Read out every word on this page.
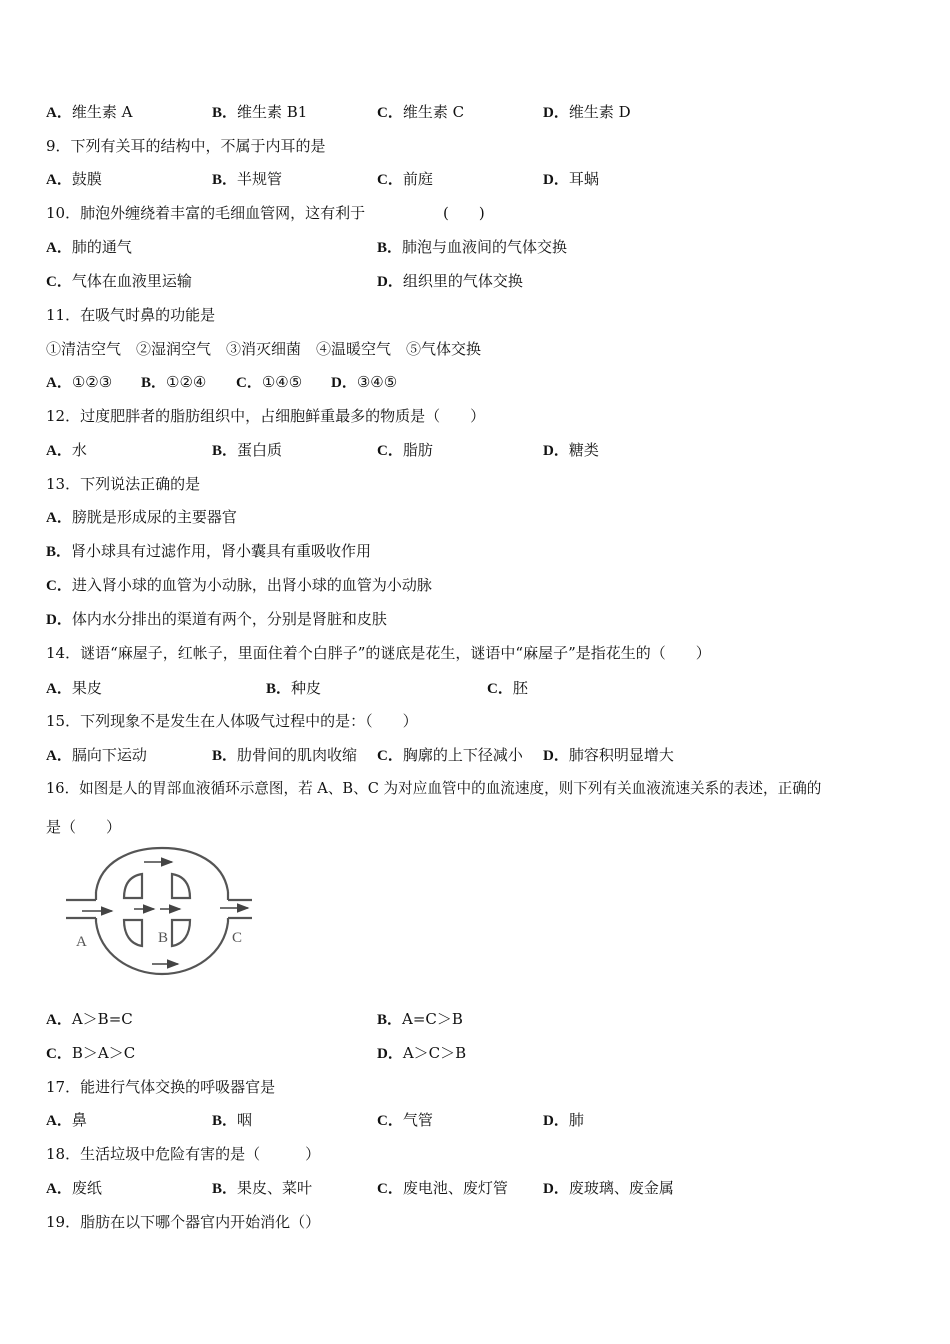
A．维生素 A	B．维生素 B1	C．维生素 C	D．维生素 D
9．下列有关耳的结构中，不属于内耳的是
A．鼓膜	B．半规管	C．前庭	D．耳蜗
10．肺泡外缠绕着丰富的毛细血管网，这有利于	(　　)
A．肺的通气	B．肺泡与血液间的气体交换
C．气体在血液里运输	D．组织里的气体交换
11．在吸气时鼻的功能是
①清洁空气　②湿润空气　③消灭细菌　④温暖空气　⑤气体交换
A．①②③ B．①②④ C．①④⑤ D．③④⑤
12．过度肥胖者的脂肪组织中，占细胞鲜重最多的物质是（　　）
A．水	B．蛋白质	C．脂肪	D．糖类
13．下列说法正确的是
A．膀胱是形成尿的主要器官
B．肾小球具有过滤作用，肾小囊具有重吸收作用
C．进入肾小球的血管为小动脉，出肾小球的血管为小动脉
D．体内水分排出的渠道有两个，分别是肾脏和皮肤
14．谜语“麻屋子，红帐子，里面住着个白胖子”的谜底是花生，谜语中“麻屋子”是指花生的（　　）
A．果皮	B．种皮	C．胚
15．下列现象不是发生在人体吸气过程中的是：（　　）
A．膈向下运动	B．肋骨间的肌肉收缩 C．胸廓的上下径减小 D．肺容积明显增大
16．如图是人的胃部血液循环示意图，若 A、B、C 为对应血管中的血流速度，则下列有关血液流速关系的表述，正确的
是（　　）
A	B	C
A．A＞B=C	B．A=C＞B
C．B＞A＞C	D．A＞C＞B
17．能进行气体交换的呼吸器官是
A．鼻	B．咽	C．气管	D．肺
18．生活垃圾中危险有害的是（　　　）
A．废纸	B．果皮、菜叶	C．废电池、废灯管 D．废玻璃、废金属
19．脂肪在以下哪个器官内开始消化（）
